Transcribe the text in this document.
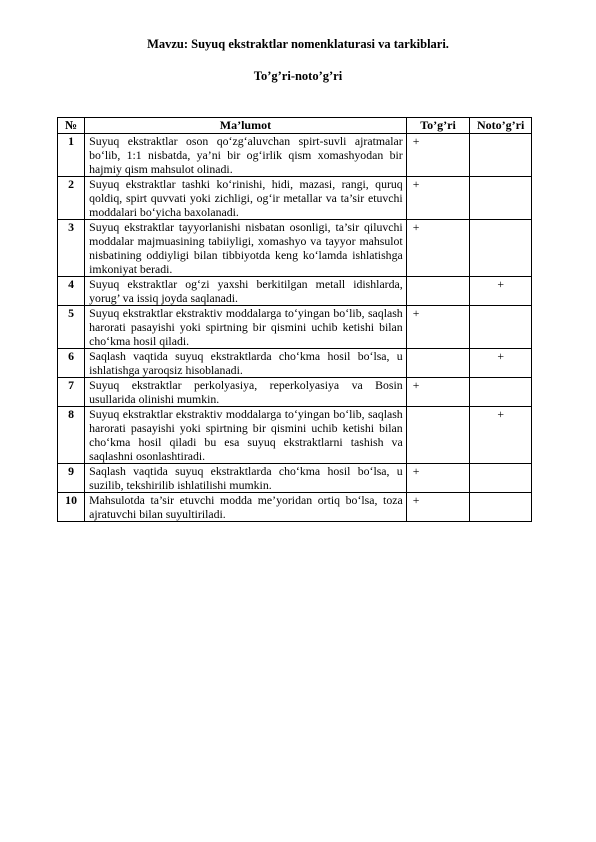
Mavzu: Suyuq ekstraktlar nomenklaturasi va tarkiblari.
To’g’ri-noto’g’ri
№	Ma’lumot	To’g’ri	Noto’g’ri
1	Suyuq ekstraktlar oson qo‘zg‘aluvchan spirt-suvli ajratmalar bo‘lib, 1:1 nisbatda, ya’ni bir og‘irlik qism xomashyodan bir hajmiy qism mahsulot olinadi.	+	
2	Suyuq ekstraktlar tashki ko‘rinishi, hidi, mazasi, rangi, quruq qoldiq, spirt quvvati yoki zichligi, og‘ir metallar va ta’sir etuvchi moddalari bo‘yicha baxolanadi.	+	
3	Suyuq ekstraktlar tayyorlanishi nisbatan osonligi, ta’sir qiluvchi moddalar majmuasining tabiiyligi, xomashyo va tayyor mahsulot nisbatining oddiyligi bilan tibbiyotda keng ko‘lamda ishlatishga imkoniyat beradi.	+	
4	Suyuq ekstraktlar og‘zi yaxshi berkitilgan metall idishlarda, yorug’ va issiq joyda saqlanadi.		+
5	Suyuq ekstraktlar ekstraktiv moddalarga to‘yingan bo‘lib, saqlash harorati pasayishi yoki spirtning bir qismini uchib ketishi bilan cho‘kma hosil qiladi.	+	
6	Saqlash vaqtida suyuq ekstraktlarda cho‘kma hosil bo‘lsa, u ishlatishga yaroqsiz hisoblanadi.		+
7	Suyuq ekstraktlar perkolyasiya, reperkolyasiya va Bosin usullarida olinishi mumkin.	+	
8	Suyuq ekstraktlar ekstraktiv moddalarga to‘yingan bo‘lib, saqlash harorati pasayishi yoki spirtning bir qismini uchib ketishi bilan cho‘kma hosil qiladi bu esa suyuq ekstraktlarni tashish va saqlashni osonlashtiradi.		+
9	Saqlash vaqtida suyuq ekstraktlarda cho‘kma hosil bo‘lsa, u suzilib, tekshirilib ishlatilishi mumkin.	+	
10	Mahsulotda ta’sir etuvchi modda me’yoridan ortiq bo‘lsa, toza ajratuvchi bilan suyultiriladi.	+	
